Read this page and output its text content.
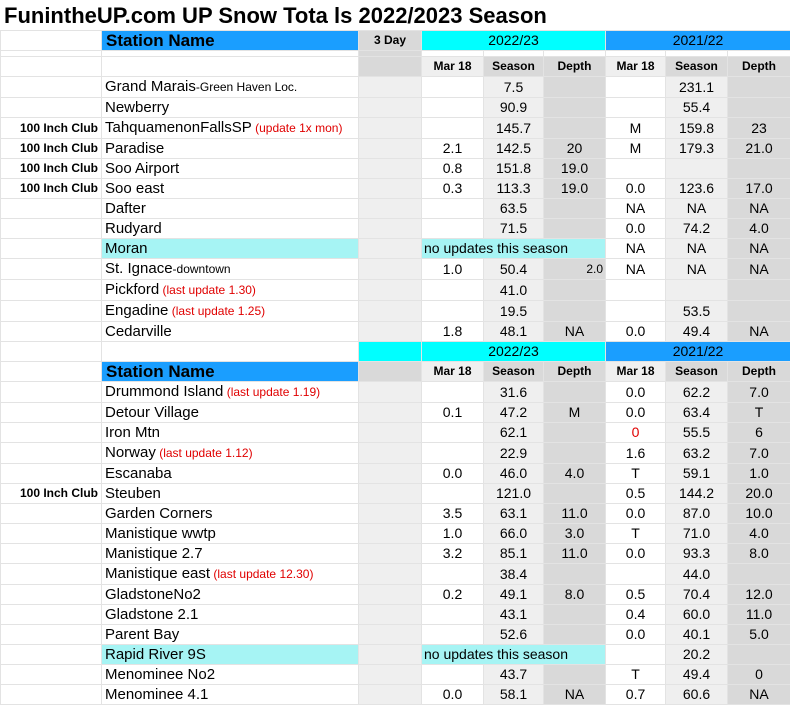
FunintheUP.com UP Snow Tota ls 2022/2023 Season
	Station Name	3 Day	2022/23			2021/22		

			Mar 18	Season	Depth	Mar 18	Season	Depth
	Grand Marais-Green Haven Loc.			7.5			231.1	
	Newberry			90.9			55.4	
100 Inch Club	TahquamenonFallsSP (update 1x mon)			145.7		M	159.8	23
100 Inch Club	Paradise		2.1	142.5	20	M	179.3	21.0
100 Inch Club	Soo Airport		0.8	151.8	19.0			
100 Inch Club	Soo east		0.3	113.3	19.0	0.0	123.6	17.0
	Dafter			63.5		NA	NA	NA
	Rudyard			71.5		0.0	74.2	4.0
	Moran		no updates this season			NA	NA	NA
	St. Ignace-downtown		1.0	50.4	2.0	NA	NA	NA
	Pickford (last update 1.30)			41.0				
	Engadine (last update 1.25)			19.5			53.5	
	Cedarville		1.8	48.1	NA	0.0	49.4	NA
			2022/23			2021/22		
	Station Name		Mar 18	Season	Depth	Mar 18	Season	Depth
	Drummond Island (last update 1.19)			31.6		0.0	62.2	7.0
	Detour Village		0.1	47.2	M	0.0	63.4	T
	Iron Mtn			62.1		0	55.5	6
	Norway (last update 1.12)			22.9		1.6	63.2	7.0
	Escanaba		0.0	46.0	4.0	T	59.1	1.0
100 Inch Club	Steuben			121.0		0.5	144.2	20.0
	Garden Corners		3.5	63.1	11.0	0.0	87.0	10.0
	Manistique wwtp		1.0	66.0	3.0	T	71.0	4.0
	Manistique 2.7		3.2	85.1	11.0	0.0	93.3	8.0
	Manistique east (last update 12.30)			38.4			44.0	
	GladstoneNo2		0.2	49.1	8.0	0.5	70.4	12.0
	Gladstone 2.1			43.1		0.4	60.0	11.0
	Parent Bay			52.6		0.0	40.1	5.0
	Rapid River 9S		no updates this season				20.2	
	Menominee No2			43.7		T	49.4	0
	Menominee 4.1		0.0	58.1	NA	0.7	60.6	NA
